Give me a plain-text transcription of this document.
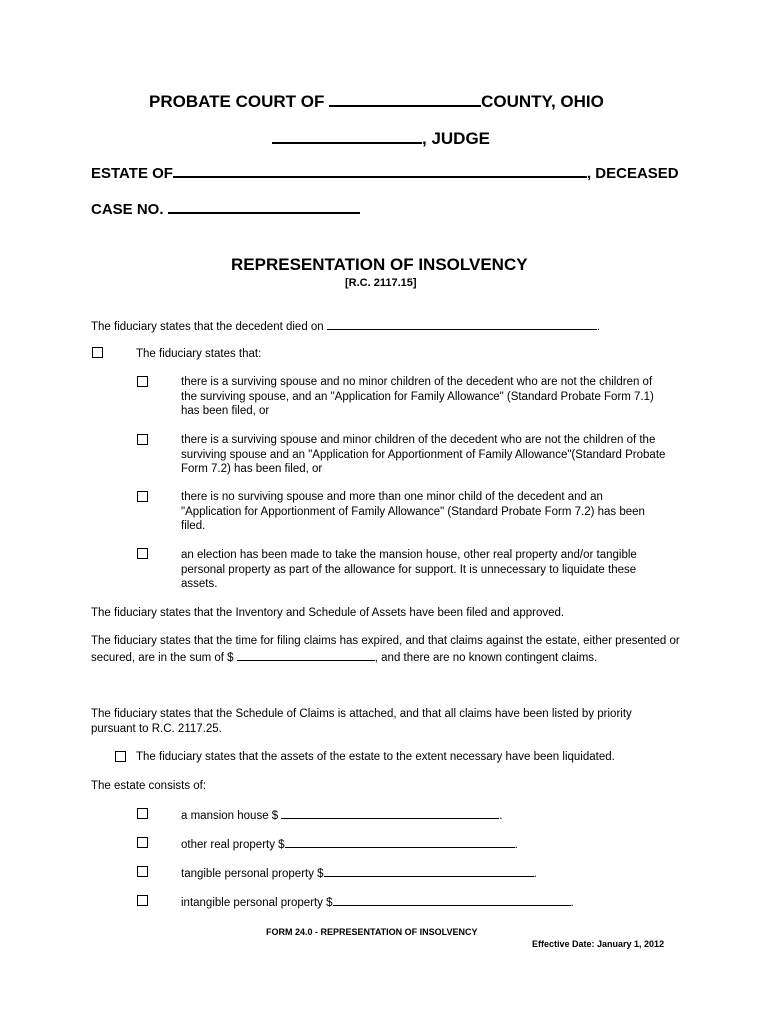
PROBATE COURT OF	COUNTY, OHIO
, JUDGE
ESTATE OF	, DECEASED
CASE NO.
REPRESENTATION OF INSOLVENCY
[R.C. 2117.15]
The fiduciary states that the decedent died on	.
The fiduciary states that:
there is a surviving spouse and no minor children of the decedent who are not the children of the surviving spouse, and an "Application for Family Allowance" (Standard Probate Form 7.1) has been filed, or
there is a surviving spouse and minor children of the decedent who are not the children of the surviving spouse and an "Application for Apportionment of Family Allowance"(Standard Probate Form 7.2) has been filed, or
there is no surviving spouse and more than one minor child of the decedent and an "Application for Apportionment of Family Allowance" (Standard Probate Form 7.2) has been filed.
an election has been made to take the mansion house, other real property and/or tangible personal property as part of the allowance for support. It is unnecessary to liquidate these assets.
The fiduciary states that the Inventory and Schedule of Assets have been filed and approved.
The fiduciary states that the time for filing claims has expired, and that claims against the estate, either presented or secured, are in the sum of $	, and there are no known contingent claims.
The fiduciary states that the Schedule of Claims is attached, and that all claims have been listed by priority pursuant to R.C. 2117.25.
The fiduciary states that the assets of the estate to the extent necessary have been liquidated.
The estate consists of:
a mansion house $	.
other real property $	.
tangible personal property $	.
intangible personal property $	.
FORM 24.0 - REPRESENTATION OF INSOLVENCY
Effective Date: January 1, 2012
